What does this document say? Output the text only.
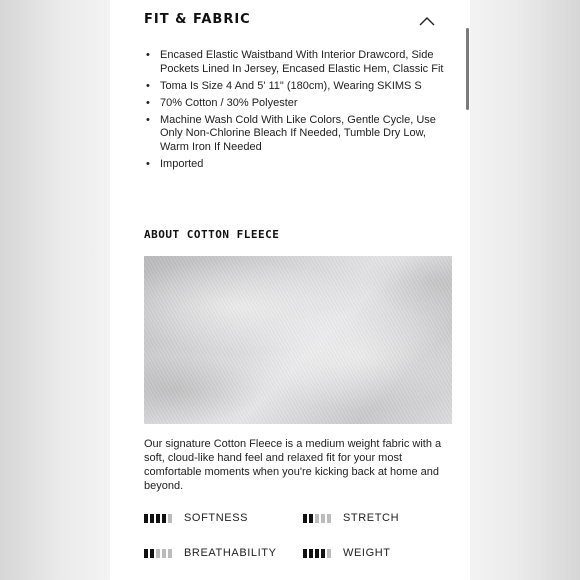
FIT & FABRIC
• Encased Elastic Waistband With Interior Drawcord, Side Pockets Lined In Jersey, Encased Elastic Hem, Classic Fit
• Toma Is Size 4 And 5' 11" (180cm), Wearing SKIMS S
• 70% Cotton / 30% Polyester
• Machine Wash Cold With Like Colors, Gentle Cycle, Use Only Non-Chlorine Bleach If Needed, Tumble Dry Low, Warm Iron If Needed
• Imported
ABOUT COTTON FLEECE

Our signature Cotton Fleece is a medium weight fabric with a soft, cloud-like hand feel and relaxed fit for your most comfortable moments when you're kicking back at home and beyond.

SOFTNESS	STRETCH
BREATHABILITY	WEIGHT
